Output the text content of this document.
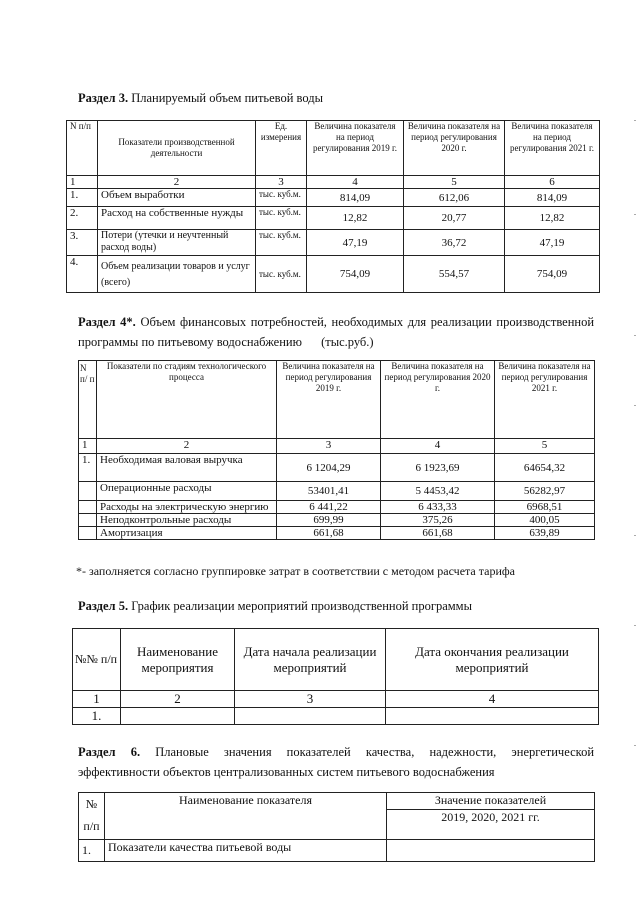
Раздел 3. Планируемый объем питьевой воды
N п/п	Показатели производственной деятельности	Ед. измерения	Величина показателя на период регулирования 2019 г.	Величина показателя на период регулирования 2020 г.	Величина показателя на период регулирования 2021 г.
1	2	3	4	5	6
1.	Объем выработки	тыс. куб.м.	814,09	612,06	814,09
2.	Расход на собственные нужды	тыс. куб.м.	12,82	20,77	12,82
3.	Потери (утечки и неучтенный расход воды)	тыс. куб.м.	47,19	36,72	47,19
4.	Объем реализации товаров и услуг (всего)	тыс. куб.м.	754,09	554,57	754,09
Раздел 4*. Объем финансовых потребностей, необходимых для реализации производственной программы по питьевому водоснабжению (тыс.руб.)
N п/ п	Показатели по стадиям технологического процесса	Величина показателя на период регулирования 2019 г.	Величина показателя на период регулирования 2020 г.	Величина показателя на период регулирования 2021 г.
1	2	3	4	5
1.	Необходимая валовая выручка	6 1204,29	6 1923,69	64654,32
	Операционные расходы	53401,41	5 4453,42	56282,97
	Расходы на электрическую энергию	6 441,22	6 433,33	6968,51
	Неподконтрольные расходы	699,99	375,26	400,05
	Амортизация	661,68	661,68	639,89
*- заполняется согласно группировке затрат в соответствии с методом расчета тарифа
Раздел 5. График реализации мероприятий производственной программы
№№ п/п	Наименование мероприятия	Дата начала реализации мероприятий	Дата окончания реализации мероприятий
1	2	3	4
1.			
Раздел 6. Плановые значения показателей качества, надежности, энергетической эффективности объектов централизованных систем питьевого водоснабжения
№ п/п	Наименование показателя	Значение показателей
		2019, 2020, 2021 гг.
1.	Показатели качества питьевой воды	
